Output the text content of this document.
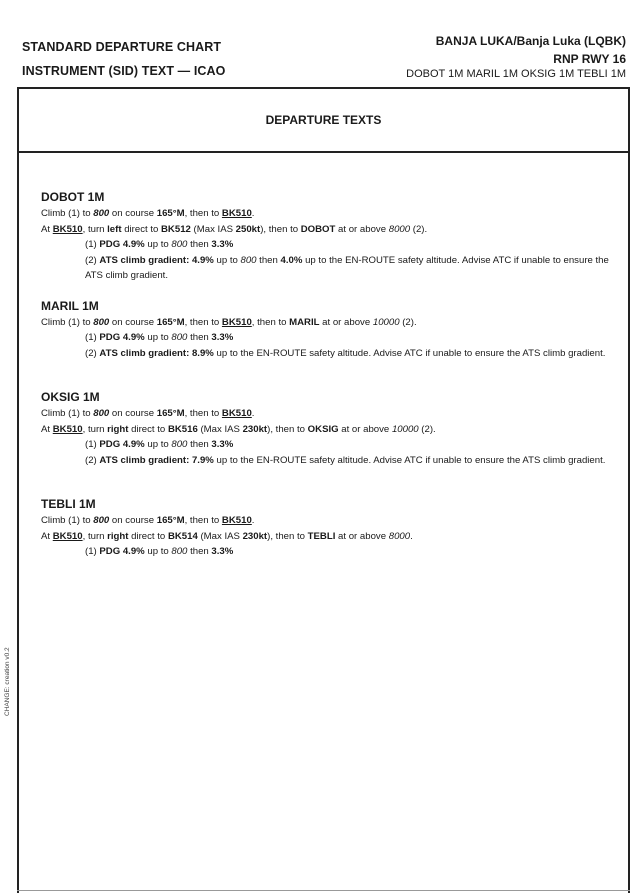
STANDARD DEPARTURE CHART
INSTRUMENT (SID) TEXT — ICAO
BANJA LUKA/Banja Luka (LQBK)
RNP RWY 16
DOBOT 1M MARIL 1M OKSIG 1M TEBLI 1M
DEPARTURE TEXTS
DOBOT 1M
Climb (1) to 800 on course 165°M, then to BK510.
At BK510, turn left direct to BK512 (Max IAS 250kt), then to DOBOT at or above 8000 (2).
(1) PDG 4.9% up to 800 then 3.3%
(2) ATS climb gradient: 4.9% up to 800 then 4.0% up to the EN-ROUTE safety altitude. Advise ATC if unable to ensure the ATS climb gradient.
MARIL 1M
Climb (1) to 800 on course 165°M, then to BK510, then to MARIL at or above 10000 (2).
(1) PDG 4.9% up to 800 then 3.3%
(2) ATS climb gradient: 8.9% up to the EN-ROUTE safety altitude. Advise ATC if unable to ensure the ATS climb gradient.
OKSIG 1M
Climb (1) to 800 on course 165°M, then to BK510.
At BK510, turn right direct to BK516 (Max IAS 230kt), then to OKSIG at or above 10000 (2).
(1) PDG 4.9% up to 800 then 3.3%
(2) ATS climb gradient: 7.9% up to the EN-ROUTE safety altitude. Advise ATC if unable to ensure the ATS climb gradient.
TEBLI 1M
Climb (1) to 800 on course 165°M, then to BK510.
At BK510, turn right direct to BK514 (Max IAS 230kt), then to TEBLI at or above 8000.
(1) PDG 4.9% up to 800 then 3.3%
CHANGE: creation v0.2
